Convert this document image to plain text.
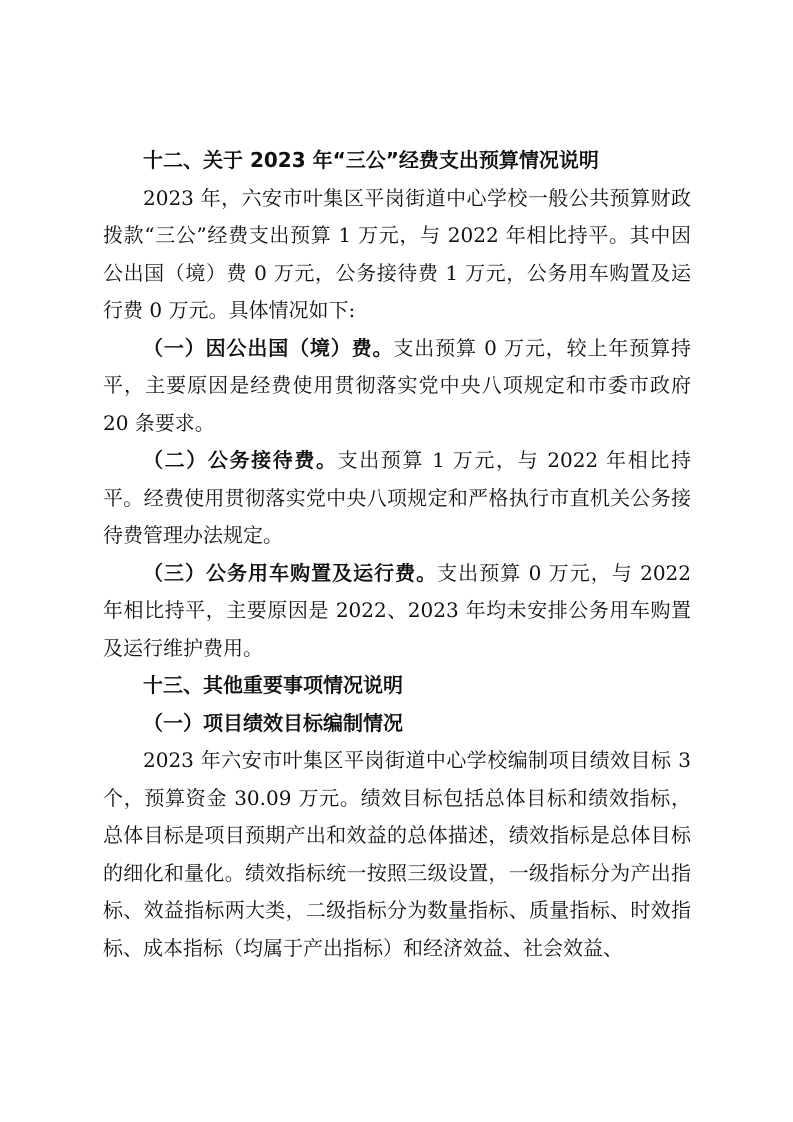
十二、关于 2023 年“三公”经费支出预算情况说明

2023 年，六安市叶集区平岗街道中心学校一般公共预算财政拨款“三公”经费支出预算 1 万元，与 2022 年相比持平。其中因公出国（境）费 0 万元，公务接待费 1 万元，公务用车购置及运行费 0 万元。具体情况如下:

（一）因公出国（境）费。支出预算 0 万元，较上年预算持平，主要原因是经费使用贯彻落实党中央八项规定和市委市政府 20 条要求。

（二）公务接待费。支出预算 1 万元，与 2022 年相比持平。经费使用贯彻落实党中央八项规定和严格执行市直机关公务接待费管理办法规定。

（三）公务用车购置及运行费。支出预算 0 万元，与 2022 年相比持平，主要原因是 2022、2023 年均未安排公务用车购置及运行维护费用。

十三、其他重要事项情况说明

（一）项目绩效目标编制情况

2023 年六安市叶集区平岗街道中心学校编制项目绩效目标 3 个，预算资金 30.09 万元。绩效目标包括总体目标和绩效指标，总体目标是项目预期产出和效益的总体描述，绩效指标是总体目标的细化和量化。绩效指标统一按照三级设置，一级指标分为产出指标、效益指标两大类，二级指标分为数量指标、质量指标、时效指标、成本指标（均属于产出指标）和经济效益、社会效益、
